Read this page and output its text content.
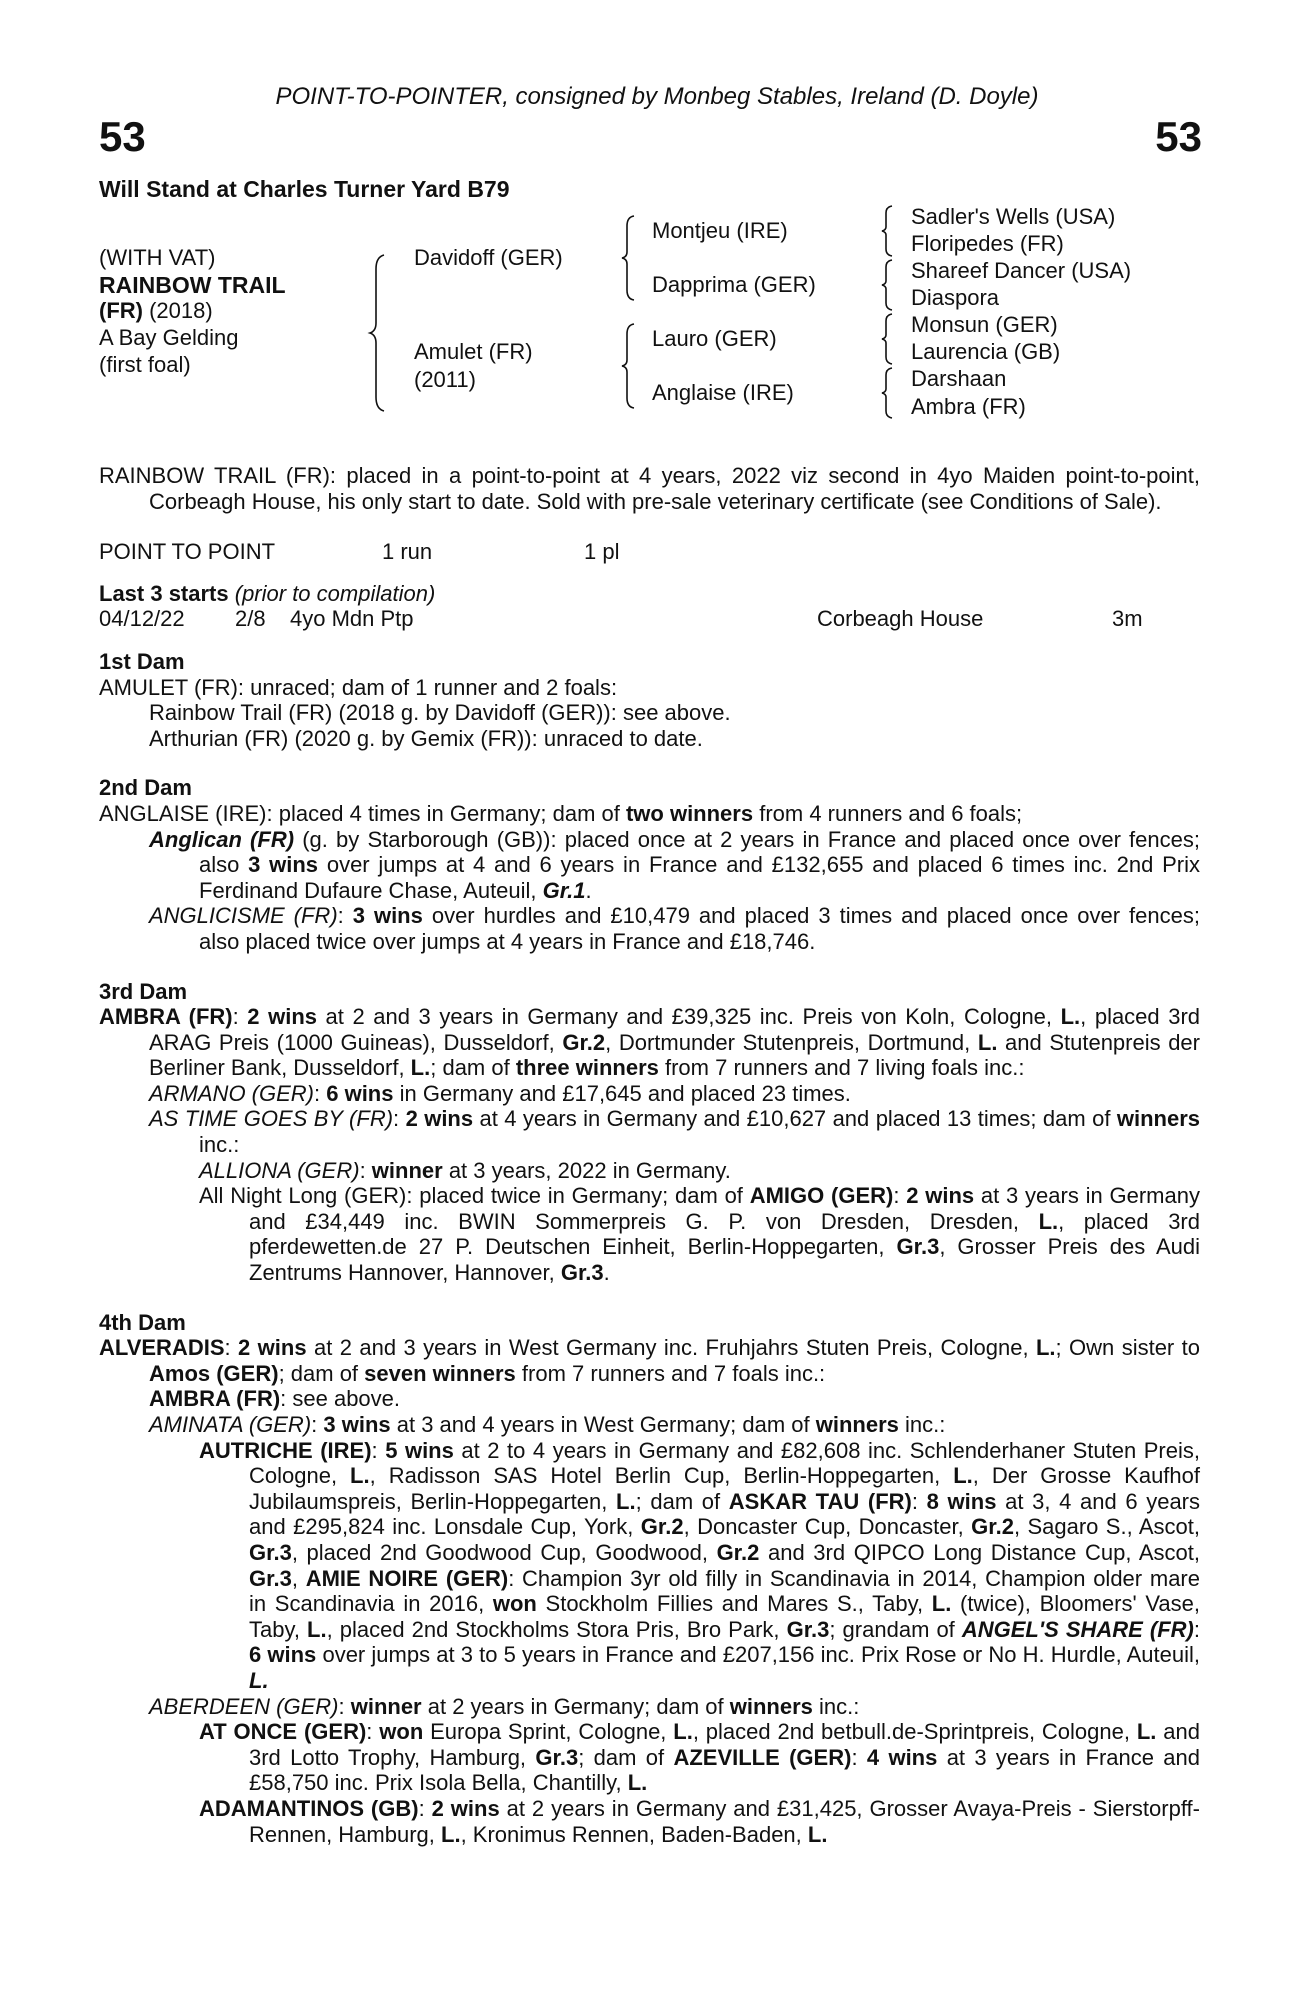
POINT-TO-POINTER, consigned by Monbeg Stables, Ireland (D. Doyle)
53	53
Will Stand at Charles Turner Yard B79
(WITH VAT)
RAINBOW TRAIL
(FR) (2018)
A Bay Gelding
(first foal)
Davidoff (GER)
Amulet (FR)
(2011)
Montjeu (IRE)
Dapprima (GER)
Lauro (GER)
Anglaise (IRE)
Sadler's Wells (USA)
Floripedes (FR)
Shareef Dancer (USA)
Diaspora
Monsun (GER)
Laurencia (GB)
Darshaan
Ambra (FR)
RAINBOW TRAIL (FR): placed in a point-to-point at 4 years, 2022 viz second in 4yo Maiden point-to-point, Corbeagh House, his only start to date. Sold with pre-sale veterinary certificate (see Conditions of Sale).
POINT TO POINT	1 run	1 pl
Last 3 starts (prior to compilation)
04/12/22 2/8 4yo Mdn Ptp	Corbeagh House	3m
1st Dam
AMULET (FR): unraced; dam of 1 runner and 2 foals:
Rainbow Trail (FR) (2018 g. by Davidoff (GER)): see above.
Arthurian (FR) (2020 g. by Gemix (FR)): unraced to date.
2nd Dam
ANGLAISE (IRE): placed 4 times in Germany; dam of two winners from 4 runners and 6 foals;
Anglican (FR) (g. by Starborough (GB)): placed once at 2 years in France and placed once over fences; also 3 wins over jumps at 4 and 6 years in France and £132,655 and placed 6 times inc. 2nd Prix Ferdinand Dufaure Chase, Auteuil, Gr.1.
ANGLICISME (FR): 3 wins over hurdles and £10,479 and placed 3 times and placed once over fences; also placed twice over jumps at 4 years in France and £18,746.
3rd Dam
AMBRA (FR): 2 wins at 2 and 3 years in Germany and £39,325 inc. Preis von Koln, Cologne, L., placed 3rd ARAG Preis (1000 Guineas), Dusseldorf, Gr.2, Dortmunder Stutenpreis, Dortmund, L. and Stutenpreis der Berliner Bank, Dusseldorf, L.; dam of three winners from 7 runners and 7 living foals inc.:
ARMANO (GER): 6 wins in Germany and £17,645 and placed 23 times.
AS TIME GOES BY (FR): 2 wins at 4 years in Germany and £10,627 and placed 13 times; dam of winners inc.:
ALLIONA (GER): winner at 3 years, 2022 in Germany.
All Night Long (GER): placed twice in Germany; dam of AMIGO (GER): 2 wins at 3 years in Germany and £34,449 inc. BWIN Sommerpreis G. P. von Dresden, Dresden, L., placed 3rd pferdewetten.de 27 P. Deutschen Einheit, Berlin-Hoppegarten, Gr.3, Grosser Preis des Audi Zentrums Hannover, Hannover, Gr.3.
4th Dam
ALVERADIS: 2 wins at 2 and 3 years in West Germany inc. Fruhjahrs Stuten Preis, Cologne, L.; Own sister to Amos (GER); dam of seven winners from 7 runners and 7 foals inc.:
AMBRA (FR): see above.
AMINATA (GER): 3 wins at 3 and 4 years in West Germany; dam of winners inc.:
AUTRICHE (IRE): 5 wins at 2 to 4 years in Germany and £82,608 inc. Schlenderhaner Stuten Preis, Cologne, L., Radisson SAS Hotel Berlin Cup, Berlin-Hoppegarten, L., Der Grosse Kaufhof Jubilaumspreis, Berlin-Hoppegarten, L.; dam of ASKAR TAU (FR): 8 wins at 3, 4 and 6 years and £295,824 inc. Lonsdale Cup, York, Gr.2, Doncaster Cup, Doncaster, Gr.2, Sagaro S., Ascot, Gr.3, placed 2nd Goodwood Cup, Goodwood, Gr.2 and 3rd QIPCO Long Distance Cup, Ascot, Gr.3, AMIE NOIRE (GER): Champion 3yr old filly in Scandinavia in 2014, Champion older mare in Scandinavia in 2016, won Stockholm Fillies and Mares S., Taby, L. (twice), Bloomers' Vase, Taby, L., placed 2nd Stockholms Stora Pris, Bro Park, Gr.3; grandam of ANGEL'S SHARE (FR): 6 wins over jumps at 3 to 5 years in France and £207,156 inc. Prix Rose or No H. Hurdle, Auteuil, L.
ABERDEEN (GER): winner at 2 years in Germany; dam of winners inc.:
AT ONCE (GER): won Europa Sprint, Cologne, L., placed 2nd betbull.de-Sprintpreis, Cologne, L. and 3rd Lotto Trophy, Hamburg, Gr.3; dam of AZEVILLE (GER): 4 wins at 3 years in France and £58,750 inc. Prix Isola Bella, Chantilly, L.
ADAMANTINOS (GB): 2 wins at 2 years in Germany and £31,425, Grosser Avaya-Preis - Sierstorpff-Rennen, Hamburg, L., Kronimus Rennen, Baden-Baden, L.
